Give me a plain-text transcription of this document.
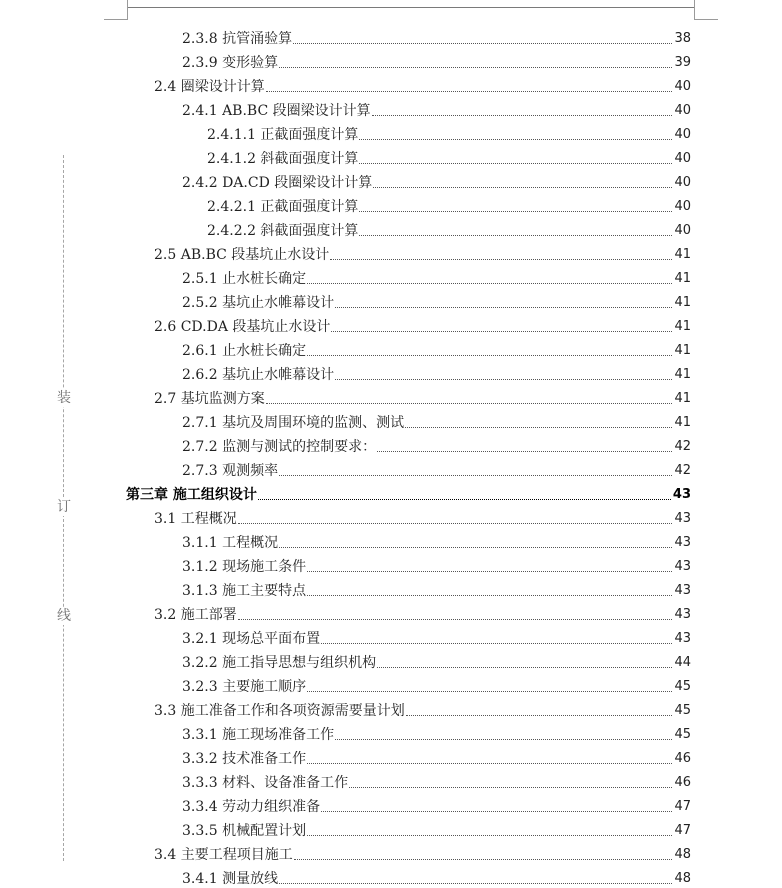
装
订
线
2.3.8 抗管涌验算	38
2.3.9 变形验算	39
2.4 圈梁设计计算	40
2.4.1 AB.BC 段圈梁设计计算	40
2.4.1.1 正截面强度计算	40
2.4.1.2 斜截面强度计算	40
2.4.2 DA.CD 段圈梁设计计算	40
2.4.2.1 正截面强度计算	40
2.4.2.2 斜截面强度计算	40
2.5 AB.BC 段基坑止水设计	41
2.5.1 止水桩长确定	41
2.5.2 基坑止水帷幕设计	41
2.6 CD.DA 段基坑止水设计	41
2.6.1 止水桩长确定	41
2.6.2 基坑止水帷幕设计	41
2.7 基坑监测方案	41
2.7.1 基坑及周围环境的监测、测试	41
2.7.2 监测与测试的控制要求：	42
2.7.3 观测频率	42
第三章 施工组织设计	43
3.1 工程概况	43
3.1.1 工程概况	43
3.1.2 现场施工条件	43
3.1.3 施工主要特点	43
3.2 施工部署	43
3.2.1 现场总平面布置	43
3.2.2 施工指导思想与组织机构	44
3.2.3 主要施工顺序	45
3.3 施工准备工作和各项资源需要量计划	45
3.3.1 施工现场准备工作	45
3.3.2 技术准备工作	46
3.3.3 材料、设备准备工作	46
3.3.4 劳动力组织准备	47
3.3.5 机械配置计划	47
3.4 主要工程项目施工	48
3.4.1 测量放线	48
